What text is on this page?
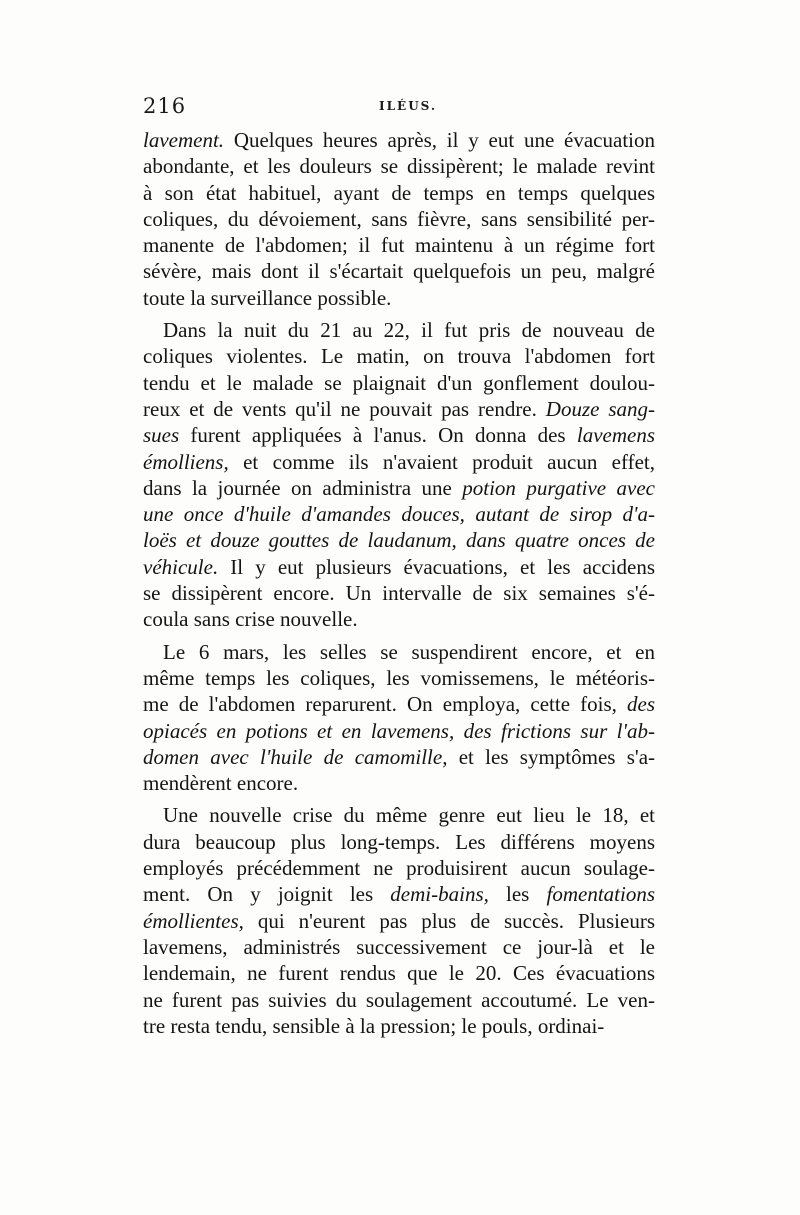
216	ILÉUS.
lavement. Quelques heures après, il y eut une évacuation
abondante, et les douleurs se dissipèrent; le malade revint
à son état habituel, ayant de temps en temps quelques
coliques, du dévoiement, sans fièvre, sans sensibilité per-
manente de l'abdomen; il fut maintenu à un régime fort
sévère, mais dont il s'écartait quelquefois un peu, malgré
toute la surveillance possible.
Dans la nuit du 21 au 22, il fut pris de nouveau de
coliques violentes. Le matin, on trouva l'abdomen fort
tendu et le malade se plaignait d'un gonflement doulou-
reux et de vents qu'il ne pouvait pas rendre. Douze sang-
sues furent appliquées à l'anus. On donna des lavemens
émolliens, et comme ils n'avaient produit aucun effet,
dans la journée on administra une potion purgative avec
une once d'huile d'amandes douces, autant de sirop d'a-
loës et douze gouttes de laudanum, dans quatre onces de
véhicule. Il y eut plusieurs évacuations, et les accidens
se dissipèrent encore. Un intervalle de six semaines s'é-
coula sans crise nouvelle.
Le 6 mars, les selles se suspendirent encore, et en
même temps les coliques, les vomissemens, le météoris-
me de l'abdomen reparurent. On employa, cette fois, des
opiacés en potions et en lavemens, des frictions sur l'ab-
domen avec l'huile de camomille, et les symptômes s'a-
mendèrent encore.
Une nouvelle crise du même genre eut lieu le 18, et
dura beaucoup plus long-temps. Les différens moyens
employés précédemment ne produisirent aucun soulage-
ment. On y joignit les demi-bains, les fomentations
émollientes, qui n'eurent pas plus de succès. Plusieurs
lavemens, administrés successivement ce jour-là et le
lendemain, ne furent rendus que le 20. Ces évacuations
ne furent pas suivies du soulagement accoutumé. Le ven-
tre resta tendu, sensible à la pression; le pouls, ordinai-
